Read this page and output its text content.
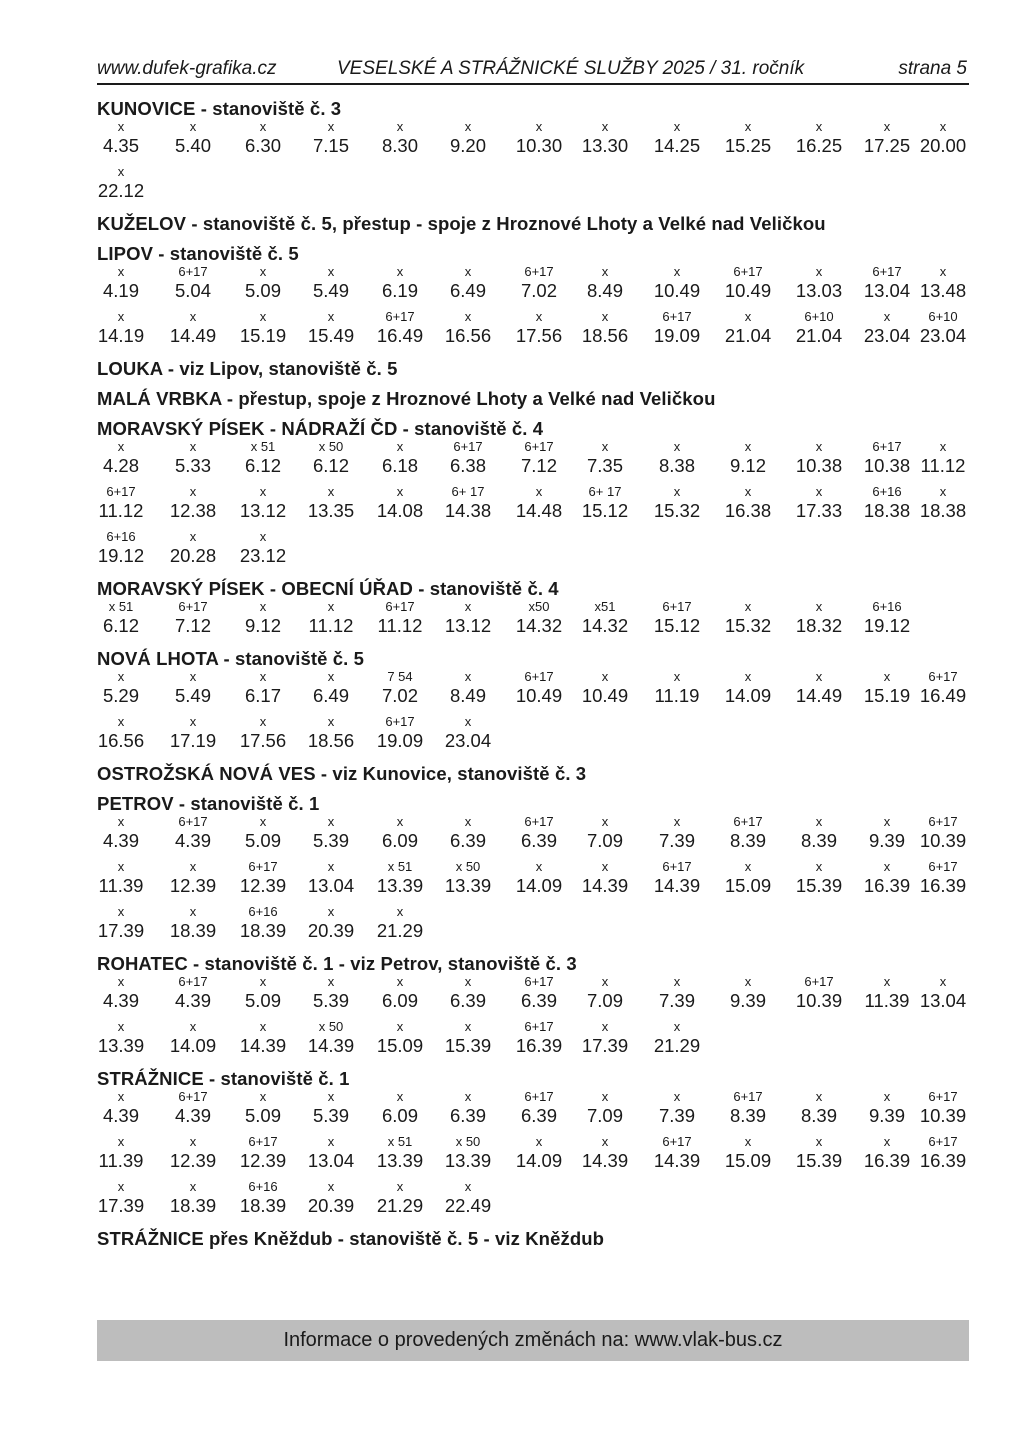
www.dufek-grafika.cz	VESELSKÉ A STRÁŽNICKÉ SLUŽBY 2025 / 31. ročník	strana 5
KUNOVICE - stanoviště č. 3
x
4.35
x
5.40
x
6.30
x
7.15
x
8.30
x
9.20
x
10.30
x
13.30
x
14.25
x
15.25
x
16.25
x
17.25
x
20.00
x
22.12
KUŽELOV - stanoviště č. 5, přestup - spoje z Hroznové Lhoty a Velké nad Veličkou
LIPOV - stanoviště č. 5
x
4.19
6+17
5.04
x
5.09
x
5.49
x
6.19
x
6.49
6+17
7.02
x
8.49
x
10.49
6+17
10.49
x
13.03
6+17
13.04
x
13.48
x
14.19
x
14.49
x
15.19
x
15.49
6+17
16.49
x
16.56
x
17.56
x
18.56
6+17
19.09
x
21.04
6+10
21.04
x
23.04
6+10
23.04
LOUKA - viz Lipov, stanoviště č. 5
MALÁ VRBKA - přestup, spoje z Hroznové Lhoty a Velké nad Veličkou
MORAVSKÝ PÍSEK - NÁDRAŽÍ ČD - stanoviště č. 4
x
4.28
x
5.33
x 51
6.12
x 50
6.12
x
6.18
6+17
6.38
6+17
7.12
x
7.35
x
8.38
x
9.12
x
10.38
6+17
10.38
x
11.12
6+17
11.12
x
12.38
x
13.12
x
13.35
x
14.08
6+ 17
14.38
x
14.48
6+ 17
15.12
x
15.32
x
16.38
x
17.33
6+16
18.38
x
18.38
6+16
19.12
x
20.28
x
23.12
MORAVSKÝ PÍSEK - OBECNÍ ÚŘAD - stanoviště č. 4
x 51
6.12
6+17
7.12
x
9.12
x
11.12
6+17
11.12
x
13.12
x50
14.32
x51
14.32
6+17
15.12
x
15.32
x
18.32
6+16
19.12
NOVÁ LHOTA - stanoviště č. 5
x
5.29
x
5.49
x
6.17
x
6.49
7 54
7.02
x
8.49
6+17
10.49
x
10.49
x
11.19
x
14.09
x
14.49
x
15.19
6+17
16.49
x
16.56
x
17.19
x
17.56
x
18.56
6+17
19.09
x
23.04
OSTROŽSKÁ NOVÁ VES - viz Kunovice, stanoviště č. 3
PETROV - stanoviště č. 1
x
4.39
6+17
4.39
x
5.09
x
5.39
x
6.09
x
6.39
6+17
6.39
x
7.09
x
7.39
6+17
8.39
x
8.39
x
9.39
6+17
10.39
x
11.39
x
12.39
6+17
12.39
x
13.04
x 51
13.39
x 50
13.39
x
14.09
x
14.39
6+17
14.39
x
15.09
x
15.39
x
16.39
6+17
16.39
x
17.39
x
18.39
6+16
18.39
x
20.39
x
21.29
ROHATEC - stanoviště č. 1 - viz Petrov, stanoviště č. 3
x
4.39
6+17
4.39
x
5.09
x
5.39
x
6.09
x
6.39
6+17
6.39
x
7.09
x
7.39
x
9.39
6+17
10.39
x
11.39
x
13.04
x
13.39
x
14.09
x
14.39
x 50
14.39
x
15.09
x
15.39
6+17
16.39
x
17.39
x
21.29
STRÁŽNICE - stanoviště č. 1
x
4.39
6+17
4.39
x
5.09
x
5.39
x
6.09
x
6.39
6+17
6.39
x
7.09
x
7.39
6+17
8.39
x
8.39
x
9.39
6+17
10.39
x
11.39
x
12.39
6+17
12.39
x
13.04
x 51
13.39
x 50
13.39
x
14.09
x
14.39
6+17
14.39
x
15.09
x
15.39
x
16.39
6+17
16.39
x
17.39
x
18.39
6+16
18.39
x
20.39
x
21.29
x
22.49
STRÁŽNICE přes Kněždub - stanoviště č. 5 - viz Kněždub
Informace o provedených změnách na: www.vlak-bus.cz
